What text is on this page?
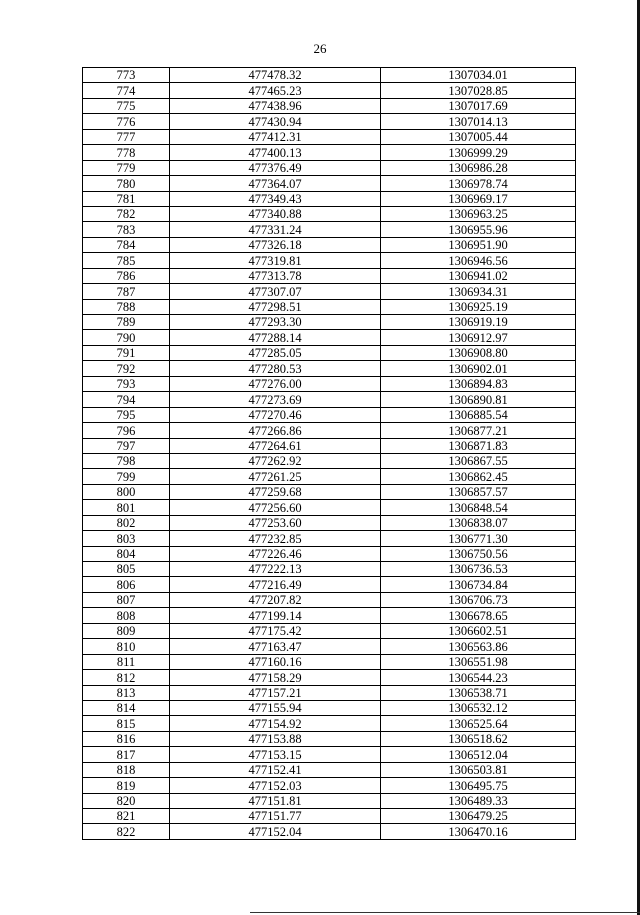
26
773	477478.32	1307034.01
774	477465.23	1307028.85
775	477438.96	1307017.69
776	477430.94	1307014.13
777	477412.31	1307005.44
778	477400.13	1306999.29
779	477376.49	1306986.28
780	477364.07	1306978.74
781	477349.43	1306969.17
782	477340.88	1306963.25
783	477331.24	1306955.96
784	477326.18	1306951.90
785	477319.81	1306946.56
786	477313.78	1306941.02
787	477307.07	1306934.31
788	477298.51	1306925.19
789	477293.30	1306919.19
790	477288.14	1306912.97
791	477285.05	1306908.80
792	477280.53	1306902.01
793	477276.00	1306894.83
794	477273.69	1306890.81
795	477270.46	1306885.54
796	477266.86	1306877.21
797	477264.61	1306871.83
798	477262.92	1306867.55
799	477261.25	1306862.45
800	477259.68	1306857.57
801	477256.60	1306848.54
802	477253.60	1306838.07
803	477232.85	1306771.30
804	477226.46	1306750.56
805	477222.13	1306736.53
806	477216.49	1306734.84
807	477207.82	1306706.73
808	477199.14	1306678.65
809	477175.42	1306602.51
810	477163.47	1306563.86
811	477160.16	1306551.98
812	477158.29	1306544.23
813	477157.21	1306538.71
814	477155.94	1306532.12
815	477154.92	1306525.64
816	477153.88	1306518.62
817	477153.15	1306512.04
818	477152.41	1306503.81
819	477152.03	1306495.75
820	477151.81	1306489.33
821	477151.77	1306479.25
822	477152.04	1306470.16
